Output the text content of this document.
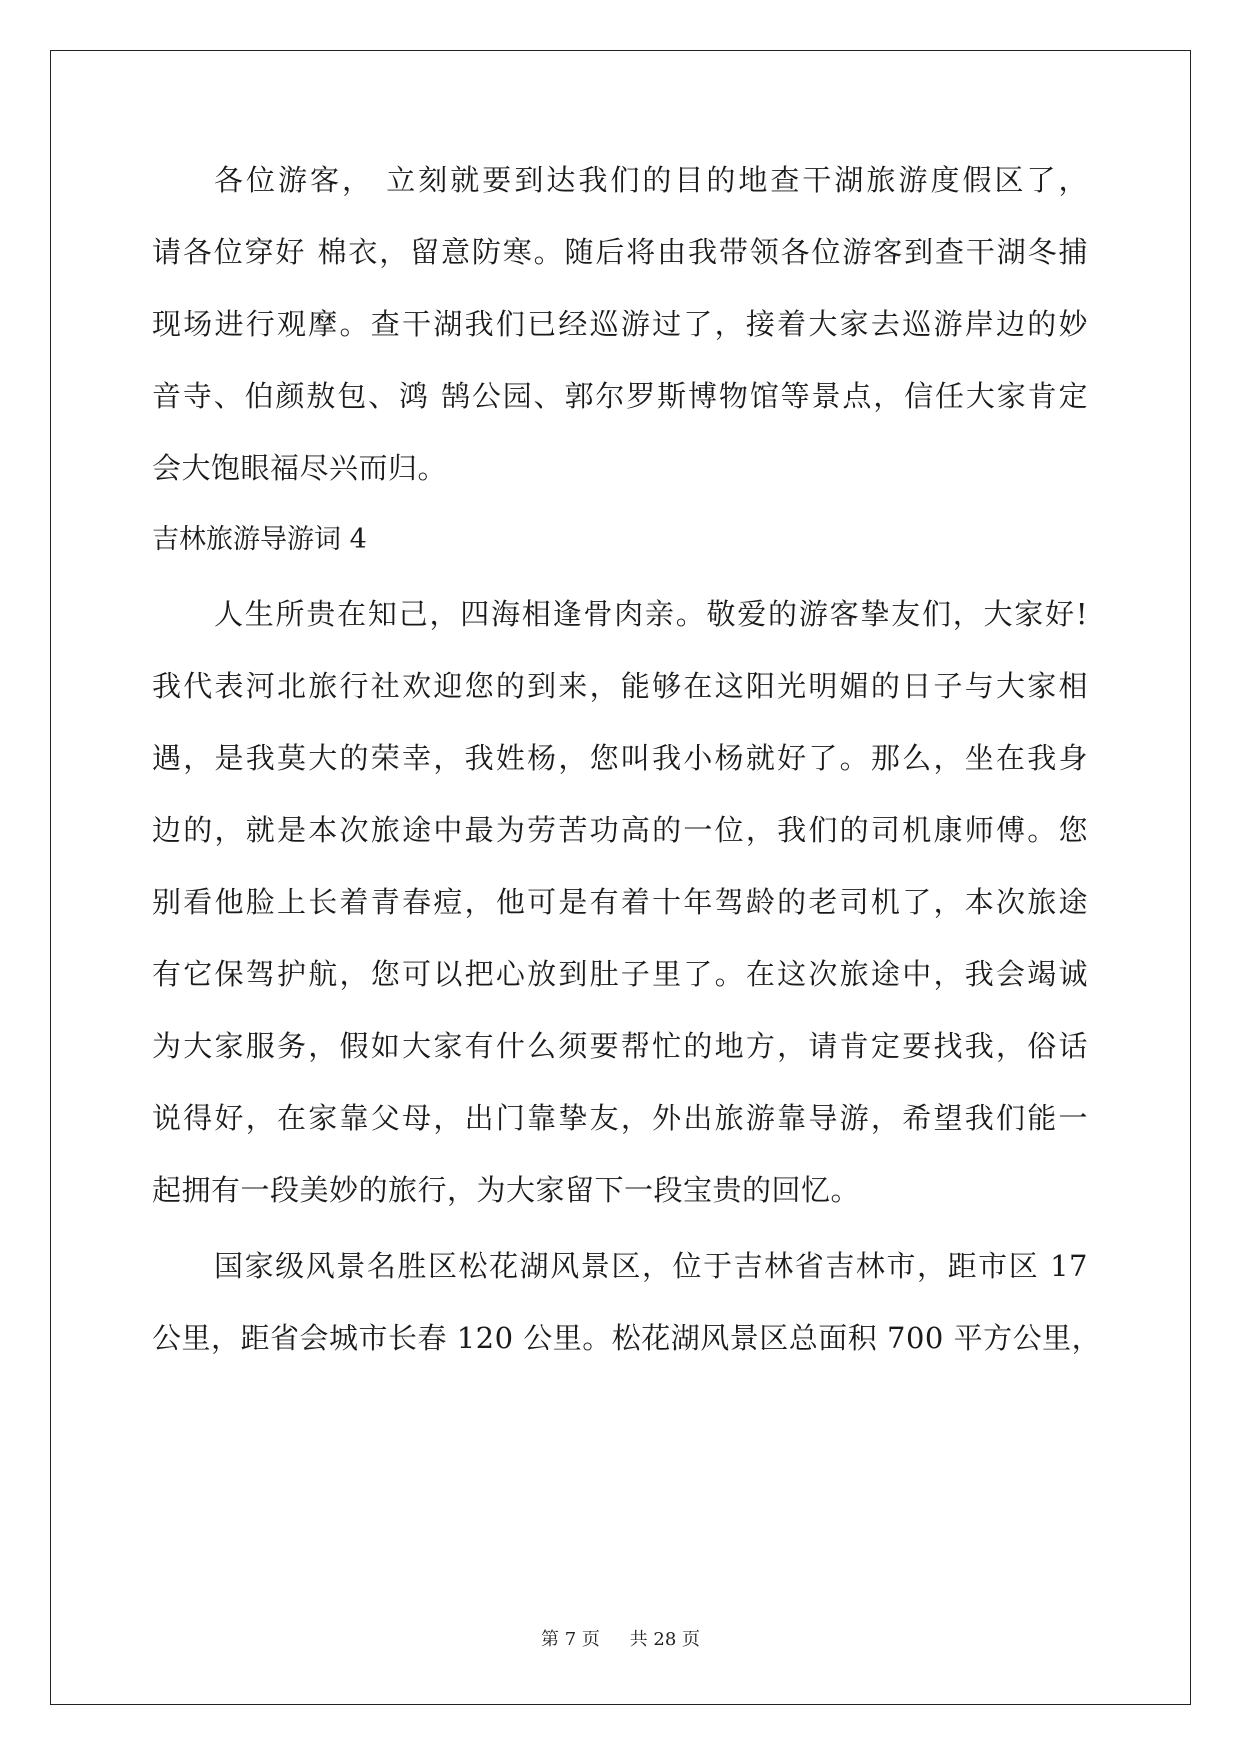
各位游客， 立刻就要到达我们的目的地查干湖旅游度假区了，
请各位穿好 棉衣，留意防寒。随后将由我带领各位游客到查干湖冬捕
现场进行观摩。查干湖我们已经巡游过了，接着大家去巡游岸边的妙
音寺、伯颜敖包、鸿 鹄公园、郭尔罗斯博物馆等景点，信任大家肯定
会大饱眼福尽兴而归。
吉林旅游导游词 4
人生所贵在知己，四海相逢骨肉亲。敬爱的游客挚友们，大家好!
我代表河北旅行社欢迎您的到来，能够在这阳光明媚的日子与大家相
遇，是我莫大的荣幸，我姓杨，您叫我小杨就好了。那么，坐在我身
边的，就是本次旅途中最为劳苦功高的一位，我们的司机康师傅。您
别看他脸上长着青春痘，他可是有着十年驾龄的老司机了，本次旅途
有它保驾护航，您可以把心放到肚子里了。在这次旅途中，我会竭诚
为大家服务，假如大家有什么须要帮忙的地方，请肯定要找我，俗话
说得好，在家靠父母，出门靠挚友，外出旅游靠导游，希望我们能一
起拥有一段美妙的旅行，为大家留下一段宝贵的回忆。
国家级风景名胜区松花湖风景区，位于吉林省吉林市，距市区 17
公里，距省会城市长春 120 公里。松花湖风景区总面积 700 平方公里，
第 7 页 共 28 页
